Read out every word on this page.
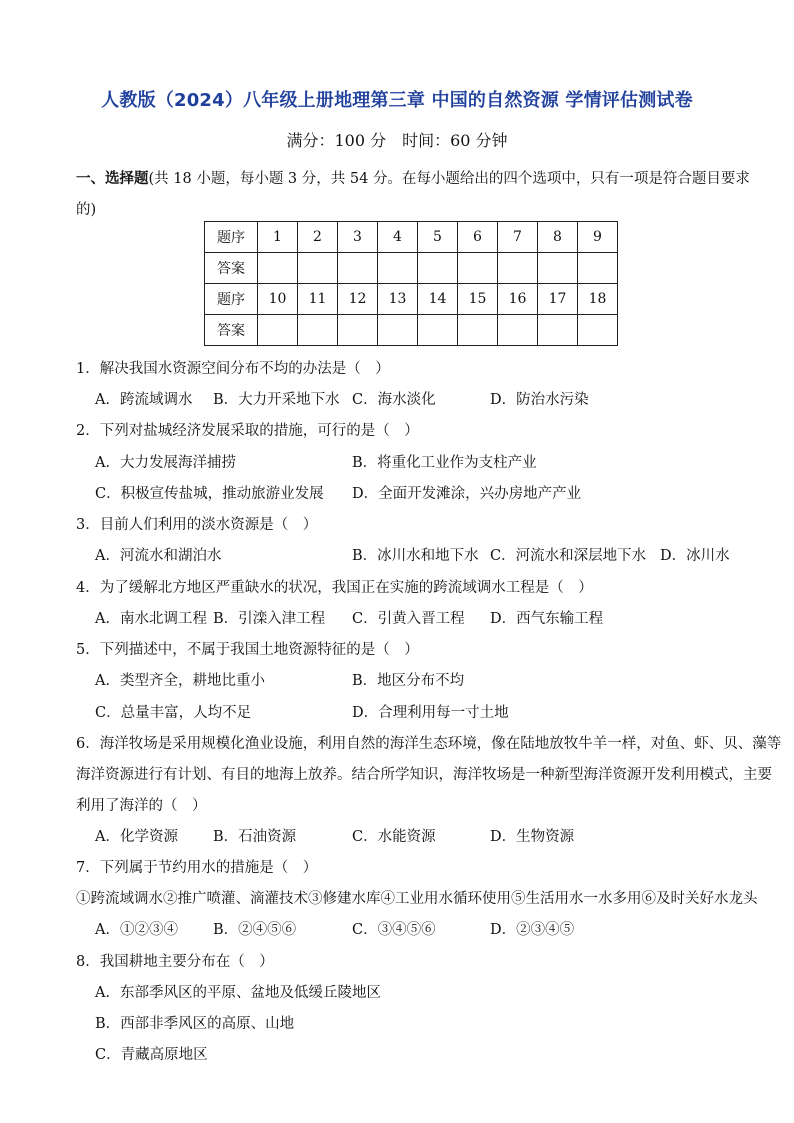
人教版（2024）八年级上册地理第三章 中国的自然资源 学情评估测试卷
满分：100 分　时间：60 分钟
一、选择题(共 18 小题，每小题 3 分，共 54 分。在每小题给出的四个选项中，只有一项是符合题目要求的)
题序	1	2	3	4	5	6	7	8	9
答案									
题序	10	11	12	13	14	15	16	17	18
答案									
1．解决我国水资源空间分布不均的办法是（　）
A．跨流域调水 B．大力开采地下水 C．海水淡化	D．防治水污染
2．下列对盐城经济发展采取的措施，可行的是（　）
A．大力发展海洋捕捞	B．将重化工业作为支柱产业
C．积极宣传盐城，推动旅游业发展 D．全面开发滩涂，兴办房地产产业
3．目前人们利用的淡水资源是（　）
A．河流水和湖泊水	B．冰川水和地下水 C．河流水和深层地下水 D．冰川水
4．为了缓解北方地区严重缺水的状况，我国正在实施的跨流域调水工程是（　）
A．南水北调工程 B．引滦入津工程 C．引黄入晋工程 D．西气东输工程
5．下列描述中，不属于我国土地资源特征的是（　）
A．类型齐全，耕地比重小	B．地区分布不均
C．总量丰富，人均不足	D．合理利用每一寸土地
6．海洋牧场是采用规模化渔业设施，利用自然的海洋生态环境，像在陆地放牧牛羊一样，对鱼、虾、贝、藻等
海洋资源进行有计划、有目的地海上放养。结合所学知识，海洋牧场是一种新型海洋资源开发利用模式，主要
利用了海洋的（　）
A．化学资源 B．石油资源	C．水能资源	D．生物资源
7．下列属于节约用水的措施是（　）
①跨流域调水②推广喷灌、滴灌技术③修建水库④工业用水循环使用⑤生活用水一水多用⑥及时关好水龙头
A．①②③④ B．②④⑤⑥	C．③④⑤⑥	D．②③④⑤
8．我国耕地主要分布在（　）
A．东部季风区的平原、盆地及低缓丘陵地区
B．西部非季风区的高原、山地
C．青藏高原地区
